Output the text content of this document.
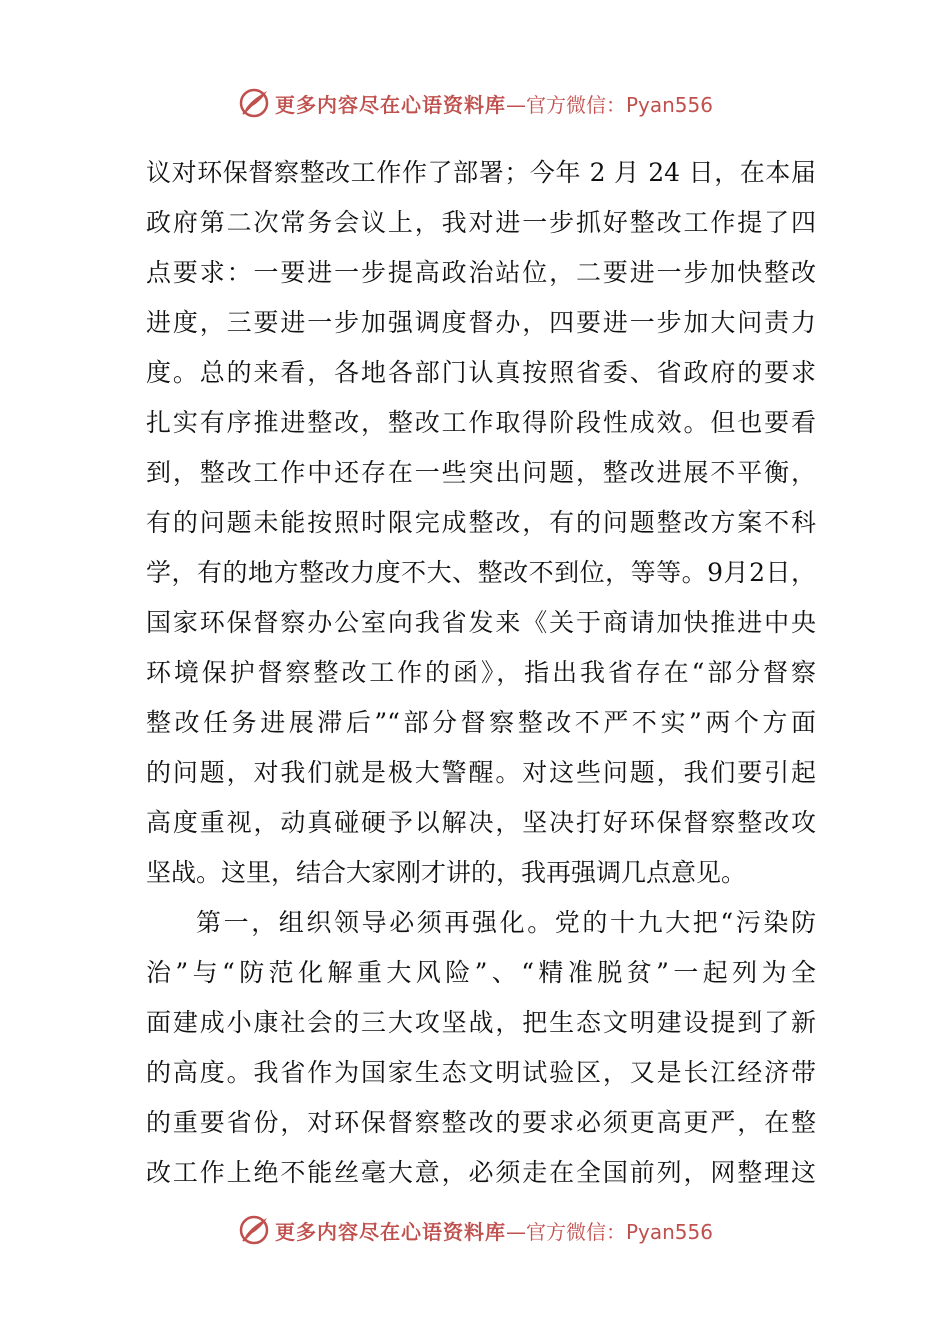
更多内容尽在心语资料库 —官方微信：Pyan556
议对环保督察整改工作作了部署；今年 2 月 24 日，在本届
政府第二次常务会议上，我对进一步抓好整改工作提了四
点要求：一要进一步提高政治站位，二要进一步加快整改
进度，三要进一步加强调度督办，四要进一步加大问责力
度。总的来看，各地各部门认真按照省委、省政府的要求
扎实有序推进整改，整改工作取得阶段性成效。但也要看
到，整改工作中还存在一些突出问题，整改进展不平衡，
有的问题未能按照时限完成整改，有的问题整改方案不科
学，有的地方整改力度不大、整改不到位，等等。9月2日，
国家环保督察办公室向我省发来《关于商请加快推进中央
环境保护督察整改工作的函》，指出我省存在“部分督察
整改任务进展滞后”“部分督察整改不严不实”两个方面
的问题，对我们就是极大警醒。对这些问题，我们要引起
高度重视，动真碰硬予以解决，坚决打好环保督察整改攻
坚战。这里，结合大家刚才讲的，我再强调几点意见。
第一，组织领导必须再强化。党的十九大把“污染防
治”与“防范化解重大风险”、“精准脱贫”一起列为全
面建成小康社会的三大攻坚战，把生态文明建设提到了新
的高度。我省作为国家生态文明试验区，又是长江经济带
的重要省份，对环保督察整改的要求必须更高更严，在整
改工作上绝不能丝毫大意，必须走在全国前列，网整理这
更多内容尽在心语资料库 —官方微信：Pyan556
